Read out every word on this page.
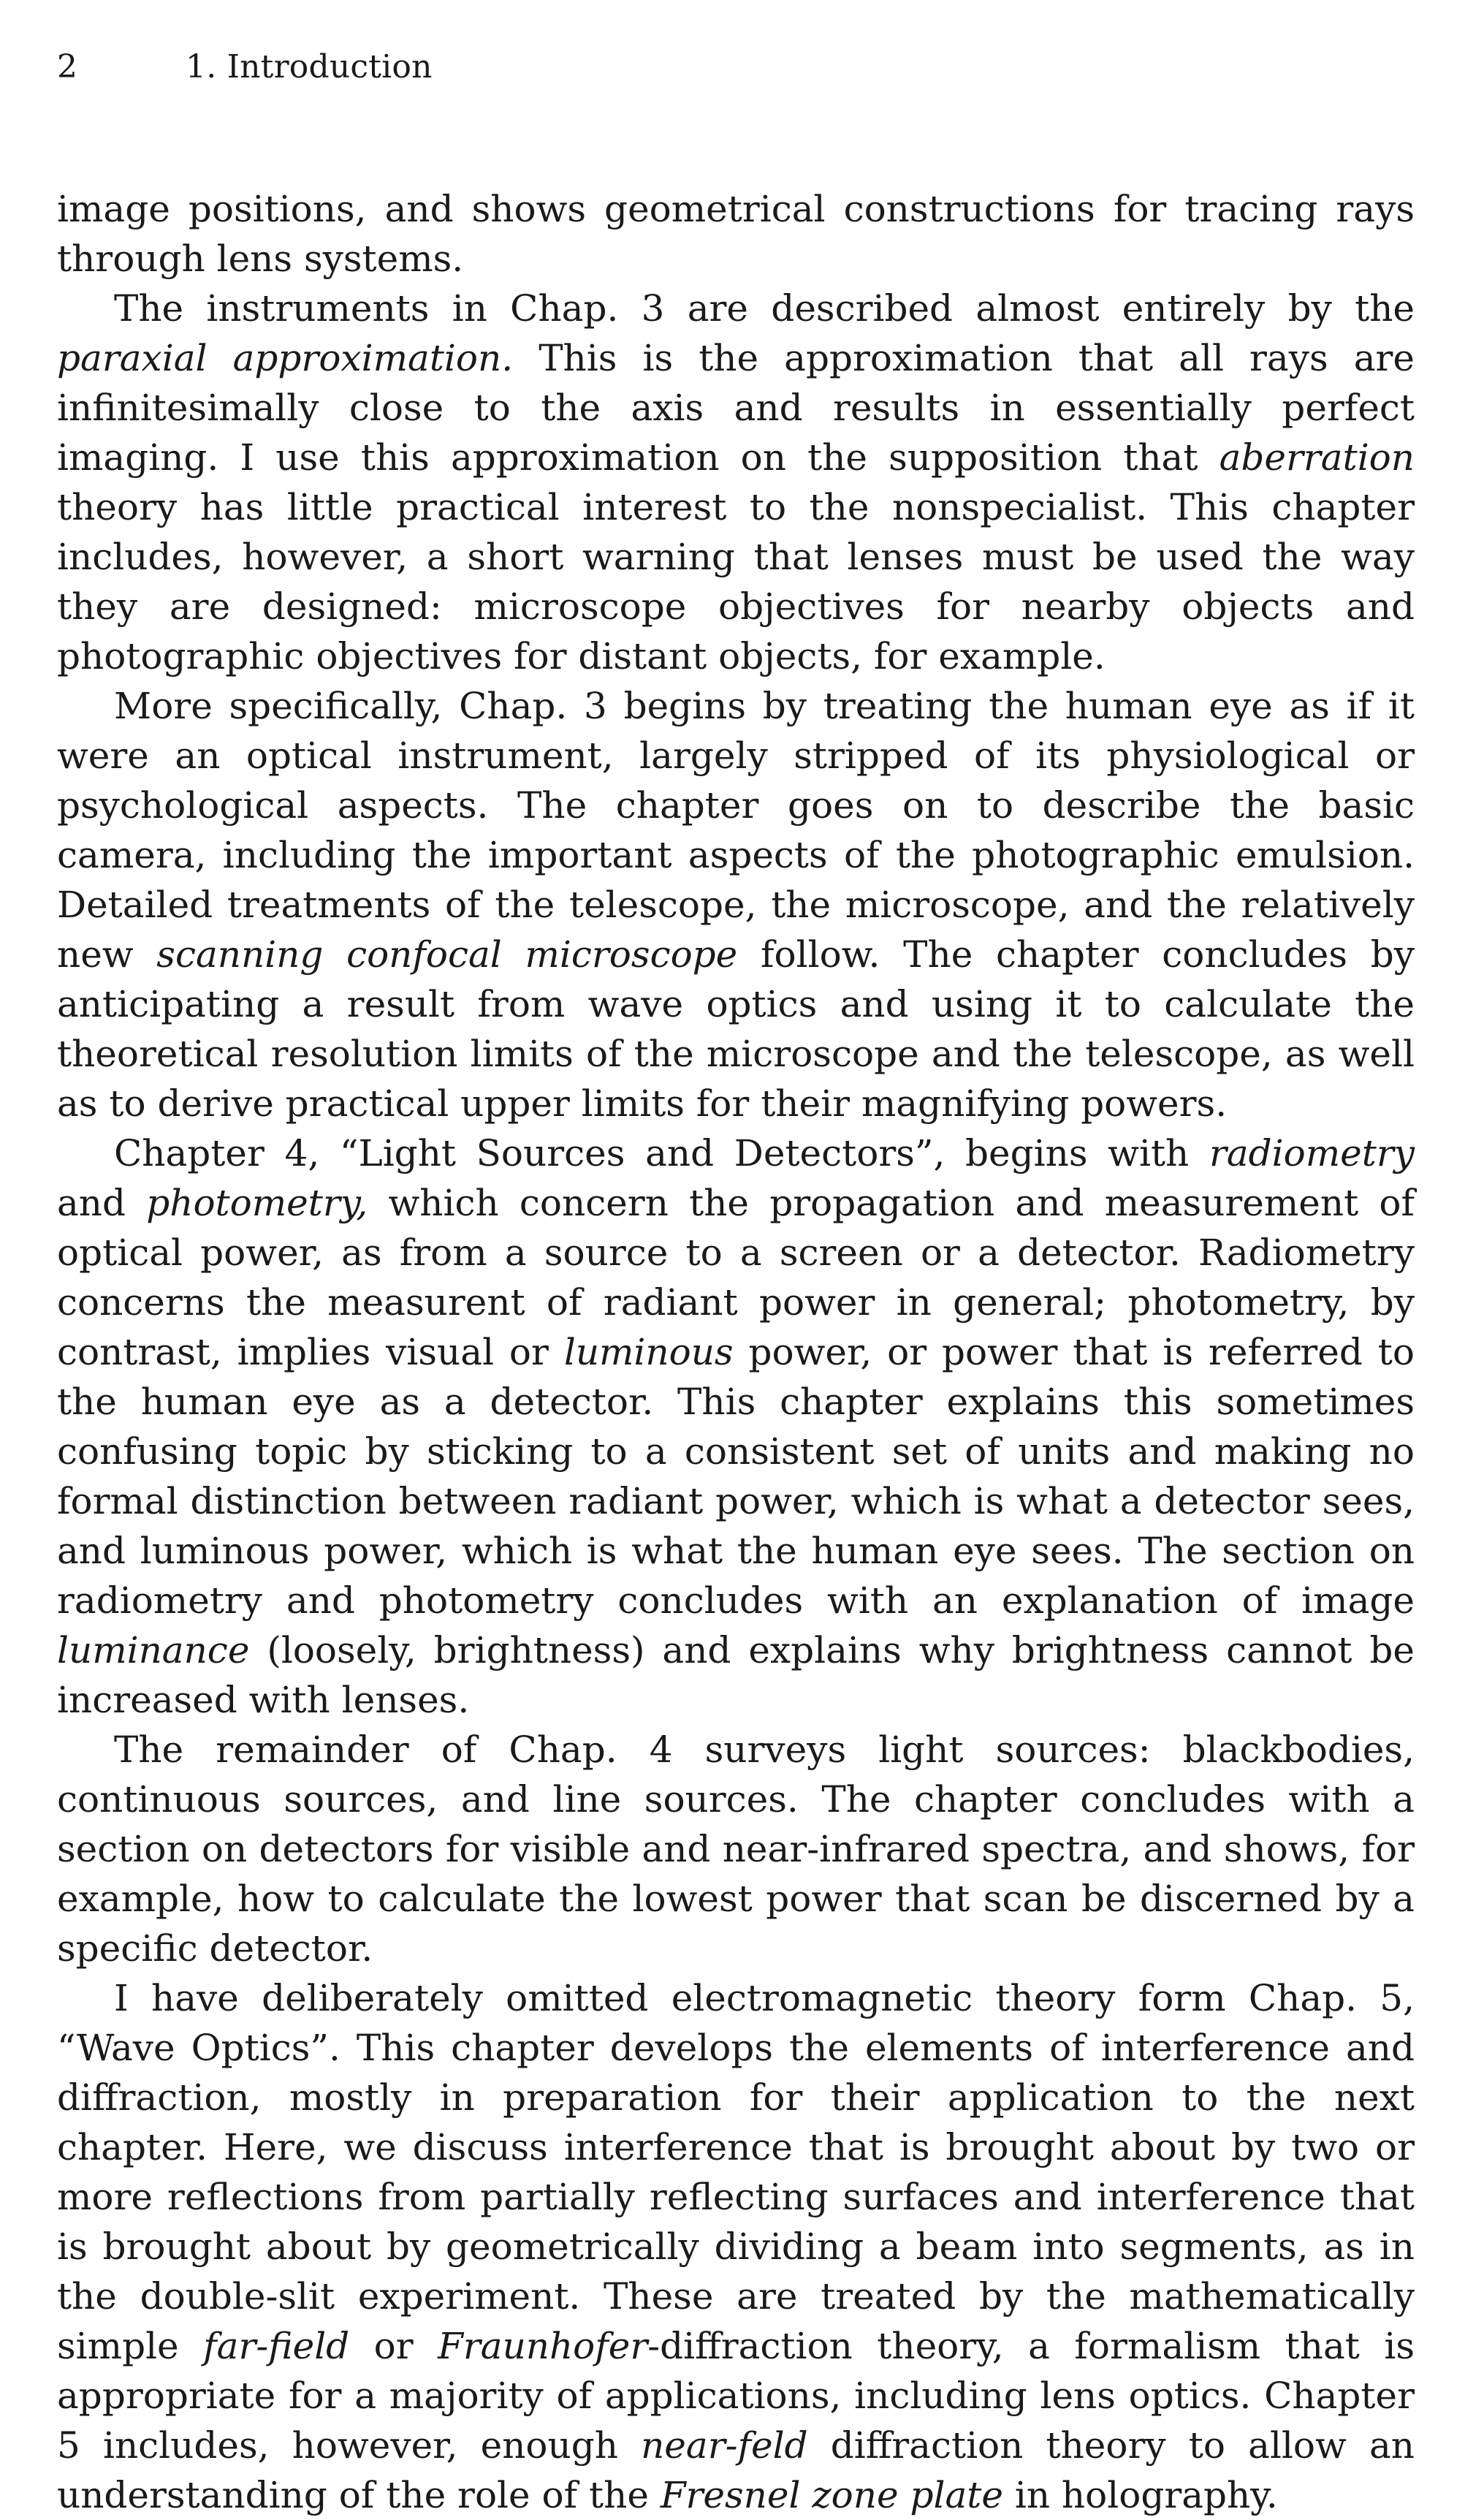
2	1. Introduction

image positions, and shows geometrical constructions for tracing rays through lens systems.

The instruments in Chap. 3 are described almost entirely by the paraxial approximation. This is the approximation that all rays are infinitesimally close to the axis and results in essentially perfect imaging. I use this approximation on the supposition that aberration theory has little practical interest to the nonspecialist. This chapter includes, however, a short warning that lenses must be used the way they are designed: microscope objectives for nearby objects and photographic objectives for distant objects, for example.

More specifically, Chap. 3 begins by treating the human eye as if it were an optical instrument, largely stripped of its physiological or psychological aspects. The chapter goes on to describe the basic camera, including the important aspects of the photographic emulsion. Detailed treatments of the telescope, the microscope, and the relatively new scanning confocal microscope follow. The chapter concludes by anticipating a result from wave optics and using it to calculate the theoretical resolution limits of the microscope and the telescope, as well as to derive practical upper limits for their magnifying powers.

Chapter 4, “Light Sources and Detectors”, begins with radiometry and photometry, which concern the propagation and measurement of optical power, as from a source to a screen or a detector. Radiometry concerns the measurent of radiant power in general; photometry, by contrast, implies visual or luminous power, or power that is referred to the human eye as a detector. This chapter explains this sometimes confusing topic by sticking to a consistent set of units and making no formal distinction between radiant power, which is what a detector sees, and luminous power, which is what the human eye sees. The section on radiometry and photometry concludes with an explanation of image luminance (loosely, brightness) and explains why brightness cannot be increased with lenses.

The remainder of Chap. 4 surveys light sources: blackbodies, continuous sources, and line sources. The chapter concludes with a section on detectors for visible and near-infrared spectra, and shows, for example, how to calculate the lowest power that scan be discerned by a specific detector.

I have deliberately omitted electromagnetic theory form Chap. 5, “Wave Optics”. This chapter develops the elements of interference and diffraction, mostly in preparation for their application to the next chapter. Here, we discuss interference that is brought about by two or more reflections from partially reflecting surfaces and interference that is brought about by geometrically dividing a beam into segments, as in the double-slit experiment. These are treated by the mathematically simple far-field or Fraunhofer-diffraction theory, a formalism that is appropriate for a majority of applications, including lens optics. Chapter 5 includes, however, enough near-feld diffraction theory to allow an understanding of the role of the Fresnel zone plate in holography.
